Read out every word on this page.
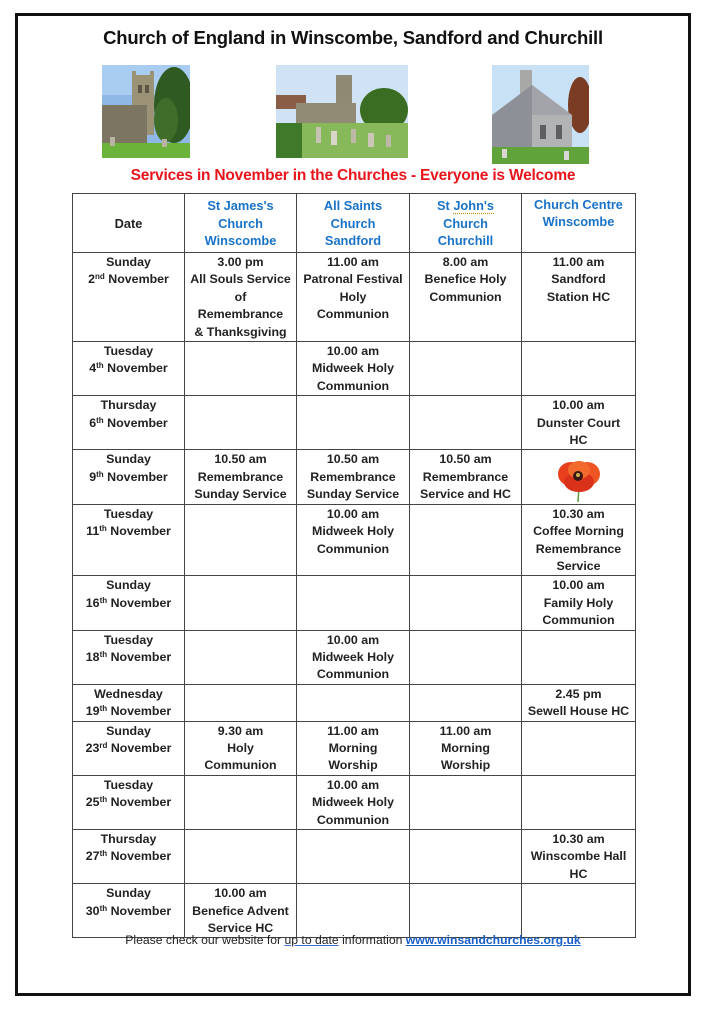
Church of England in Winscombe, Sandford and Churchill
Services in November in the Churches - Everyone is Welcome
Date	St James's
Church
Winscombe	All Saints
Church
Sandford	St John's
Church
Churchill	Church Centre
Winscombe

Sunday
2nd November	3.00 pm
All Souls Service
of
Remembrance
& Thanksgiving	11.00 am
Patronal Festival
Holy
Communion	8.00 am
Benefice Holy
Communion	11.00 am
Sandford
Station HC

Tuesday
4th November		10.00 am
Midweek Holy
Communion		

Thursday
6th November				10.00 am
Dunster Court
HC

Sunday
9th November	10.50 am
Remembrance
Sunday Service	10.50 am
Remembrance
Sunday Service	10.50 am
Remembrance
Service and HC

Tuesday
11th November		10.00 am
Midweek Holy
Communion		10.30 am
Coffee Morning
Remembrance
Service

Sunday
16th November				10.00 am
Family Holy
Communion

Tuesday
18th November		10.00 am
Midweek Holy
Communion		

Wednesday
19th November				2.45 pm
Sewell House HC

Sunday
23rd November	9.30 am
Holy
Communion	11.00 am
Morning
Worship	11.00 am
Morning
Worship	

Tuesday
25th November		10.00 am
Midweek Holy
Communion		

Thursday
27th November				10.30 am
Winscombe Hall
HC

Sunday
30th November	10.00 am
Benefice Advent
Service HC			

Please check our website for up to date information www.winsandchurches.org.uk
